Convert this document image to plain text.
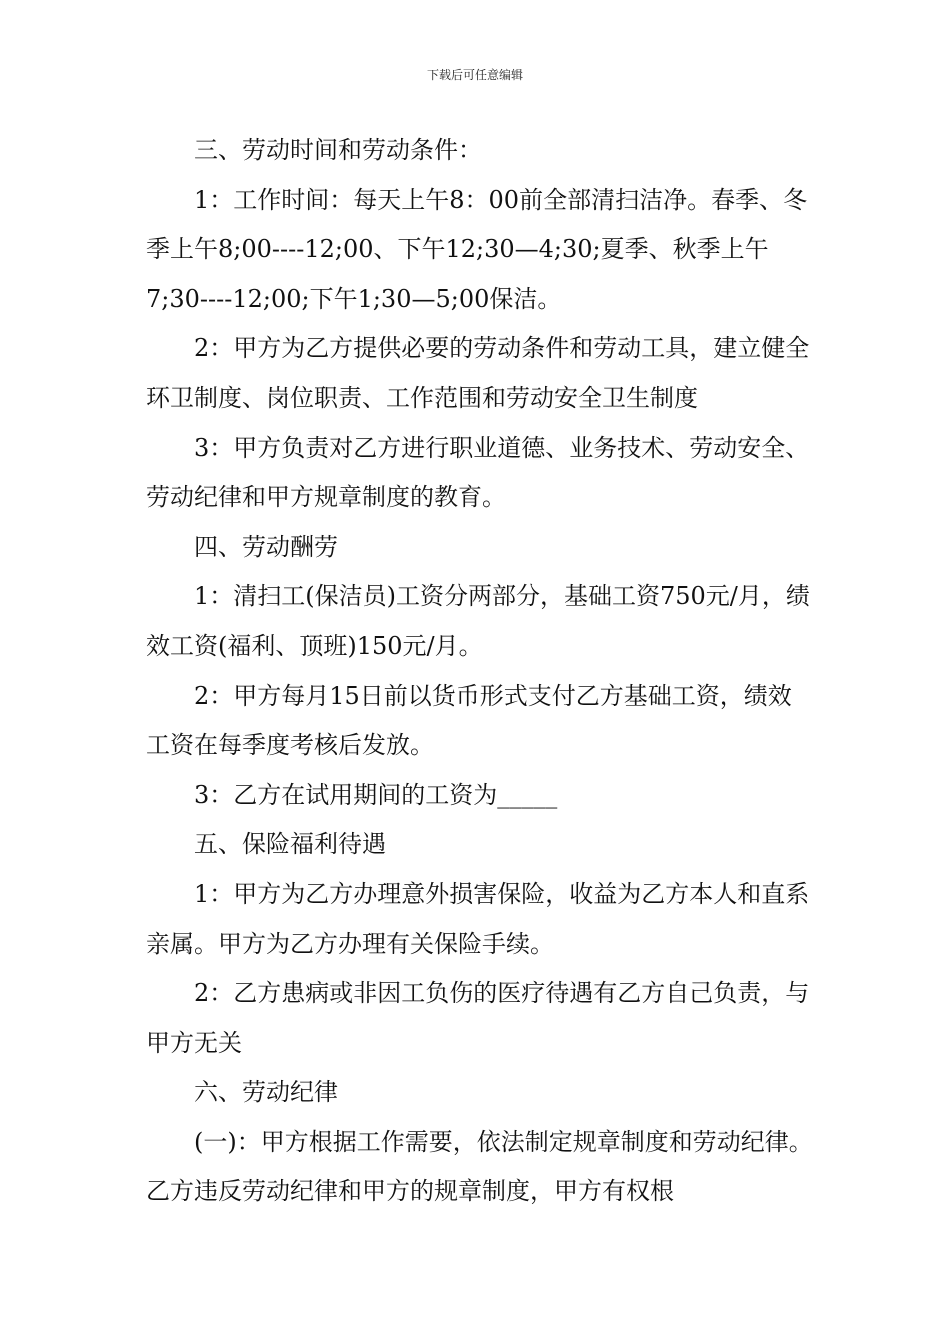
下载后可任意编辑

三、劳动时间和劳动条件：

1：工作时间：每天上午8：00前全部清扫洁净。春季、冬季上午8;00----12;00、下午12;30—4;30;夏季、秋季上午7;30----12;00;下午1;30—5;00保洁。

2：甲方为乙方提供必要的劳动条件和劳动工具，建立健全环卫制度、岗位职责、工作范围和劳动安全卫生制度

3：甲方负责对乙方进行职业道德、业务技术、劳动安全、劳动纪律和甲方规章制度的教育。

四、劳动酬劳

1：清扫工(保洁员)工资分两部分，基础工资750元/月，绩效工资(福利、顶班)150元/月。

2：甲方每月15日前以货币形式支付乙方基础工资，绩效工资在每季度考核后发放。

3：乙方在试用期间的工资为_____

五、保险福利待遇

1：甲方为乙方办理意外损害保险，收益为乙方本人和直系亲属。甲方为乙方办理有关保险手续。

2：乙方患病或非因工负伤的医疗待遇有乙方自己负责，与甲方无关

六、劳动纪律

(一)：甲方根据工作需要，依法制定规章制度和劳动纪律。乙方违反劳动纪律和甲方的规章制度，甲方有权根
